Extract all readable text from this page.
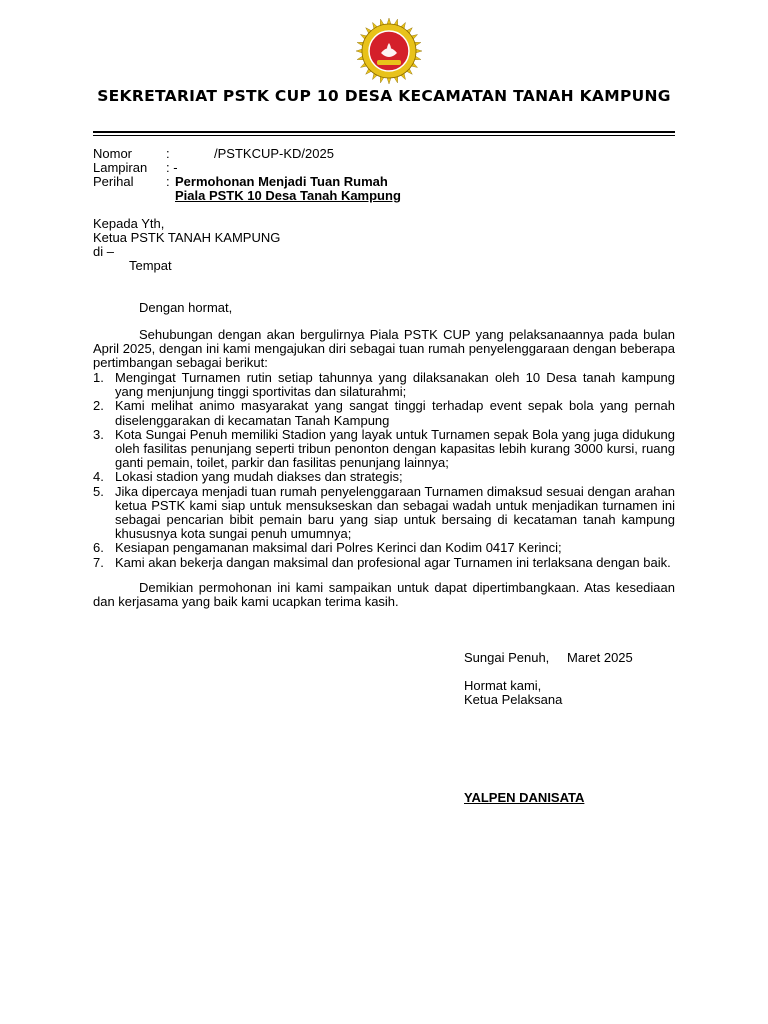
SEKRETARIAT PSTK CUP 10 DESA KECAMATAN TANAH KAMPUNG
Nomor	:	/PSTKCUP-KD/2025
Lampiran : -
Perihal	: Permohonan Menjadi Tuan Rumah
Piala PSTK 10 Desa Tanah Kampung
Kepada Yth,
Ketua PSTK TANAH KAMPUNG
di –
Tempat
Dengan hormat,
Sehubungan dengan akan bergulirnya Piala PSTK CUP yang pelaksanaannya pada bulan April 2025, dengan ini kami mengajukan diri sebagai tuan rumah penyelenggaraan dengan beberapa pertimbangan sebagai berikut:
1. Mengingat Turnamen rutin setiap tahunnya yang dilaksanakan oleh 10 Desa tanah kampung yang menjunjung tinggi sportivitas dan silaturahmi;
2. Kami melihat animo masyarakat yang sangat tinggi terhadap event sepak bola yang pernah diselenggarakan di kecamatan Tanah Kampung
3. Kota Sungai Penuh memiliki Stadion yang layak untuk Turnamen sepak Bola yang juga didukung oleh fasilitas penunjang seperti tribun penonton dengan kapasitas lebih kurang 3000 kursi, ruang ganti pemain, toilet, parkir dan fasilitas penunjang lainnya;
4. Lokasi stadion yang mudah diakses dan strategis;
5. Jika dipercaya menjadi tuan rumah penyelenggaraan Turnamen dimaksud sesuai dengan arahan ketua PSTK kami siap untuk mensukseskan dan sebagai wadah untuk menjadikan turnamen ini sebagai pencarian bibit pemain baru yang siap untuk bersaing di kecataman tanah kampung khususnya kota sungai penuh umumnya;
6. Kesiapan pengamanan maksimal dari Polres Kerinci dan Kodim 0417 Kerinci;
7. Kami akan bekerja dangan maksimal dan profesional agar Turnamen ini terlaksana dengan baik.
Demikian permohonan ini kami sampaikan untuk dapat dipertimbangkaan. Atas kesediaan dan kerjasama yang baik kami ucapkan terima kasih.
Sungai Penuh, Maret 2025
Hormat kami,
Ketua Pelaksana
YALPEN DANISATA
